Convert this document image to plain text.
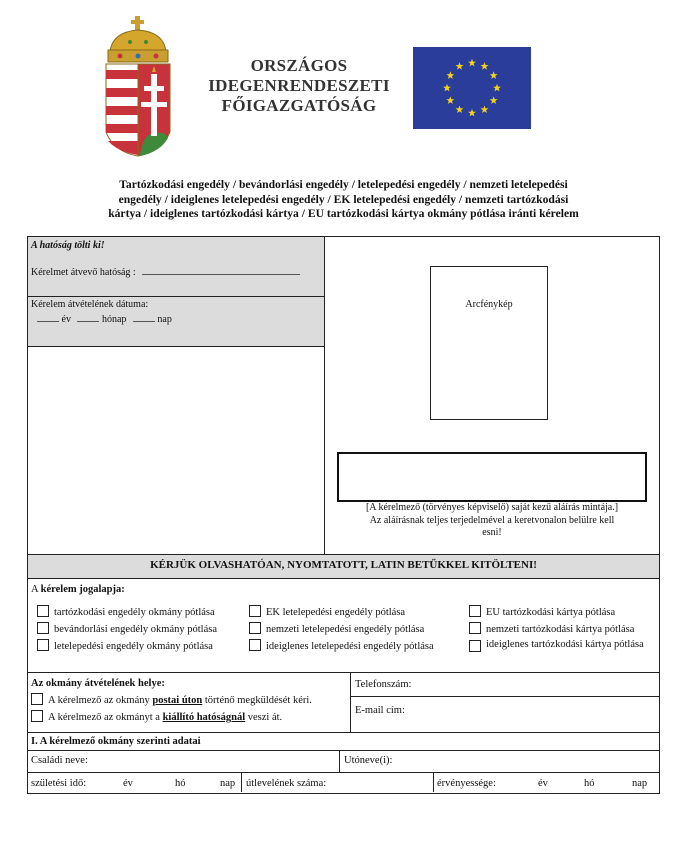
ORSZÁGOS
IDEGENRENDESZETI
FŐIGAZGATÓSÁG
Tartózkodási engedély / bevándorlási engedély / letelepedési engedély / nemzeti letelepedési
engedély / ideiglenes letelepedési engedély / EK letelepedési engedély / nemzeti tartózkodási
kártya / ideiglenes tartózkodási kártya / EU tartózkodási kártya okmány pótlása iránti kérelem
A hatóság tölti ki!
Kérelmet átvevő hatóság :
Kérelem átvételének dátuma:
év	hónap	nap
Arcfénykép
[A kérelmező (törvényes képviselő) saját kezű aláírás mintája.]
Az aláírásnak teljes terjedelmével a keretvonalon belülre kell
esni!
KÉRJÜK OLVASHATÓAN, NYOMTATOTT, LATIN BETŰKKEL KITÖLTENI!
A kérelem jogalapja:
tartózkodási engedély okmány pótlása
bevándorlási engedély okmány pótlása
letelepedési engedély okmány pótlása
EK letelepedési engedély pótlása
nemzeti letelepedési engedély pótlása
ideiglenes letelepedési engedély pótlása
EU tartózkodási kártya pótlása
nemzeti tartózkodási kártya pótlása
ideiglenes tartózkodási kártya pótlása
Az okmány átvételének helye:
A kérelmező az okmány postai úton történő megküldését kéri.
A kérelmező az okmányt a kiállító hatóságnál veszi át.
Telefonszám:
E-mail cím:
I. A kérelmező okmány szerinti adatai
Családi neve:	Utóneve(i):
születési idő:	év	hó	nap útlevelének száma:	érvényessége:	év	hó	nap
